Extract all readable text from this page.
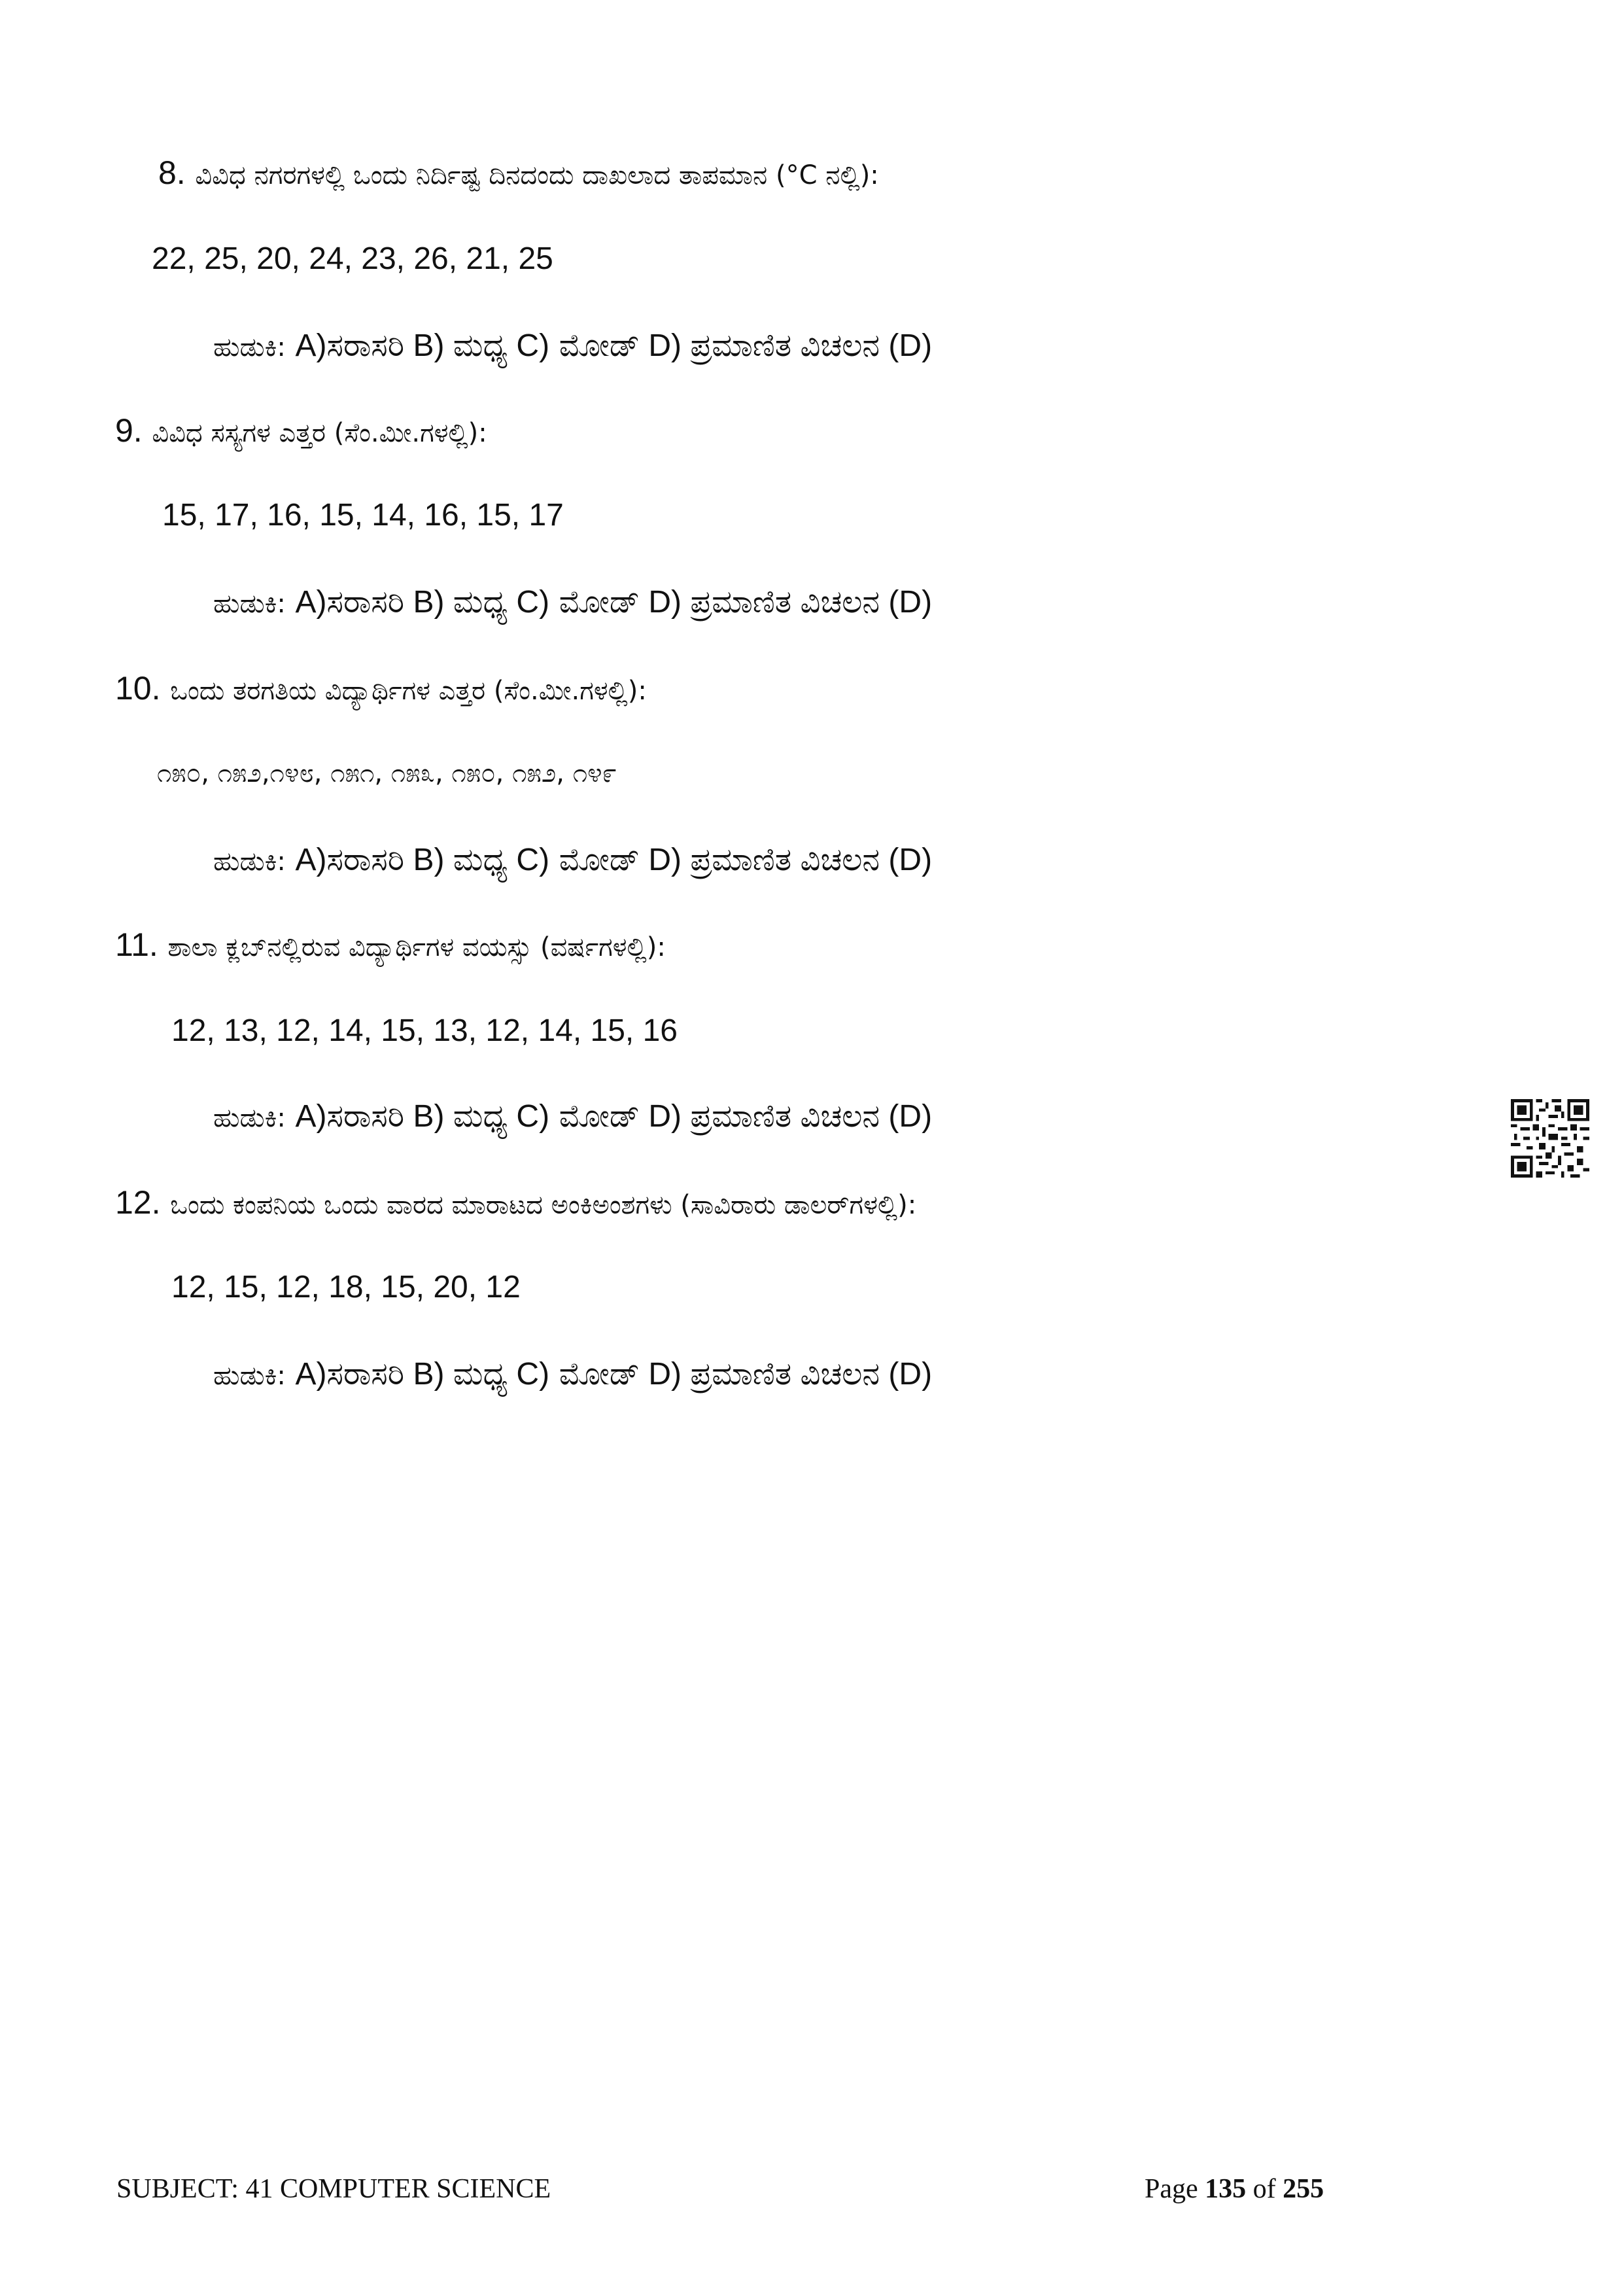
8. ವಿವಿಧ ನಗರಗಳಲ್ಲಿ ಒಂದು ನಿರ್ದಿಷ್ಟ ದಿನದಂದು ದಾಖಲಾದ ತಾಪಮಾನ (°C ನಲ್ಲಿ):
22, 25, 20, 24, 23, 26, 21, 25
ಹುಡುಕಿ: A)ಸರಾಸರಿ B) ಮಧ್ಯ C) ಮೋಡ್ D) ಪ್ರಮಾಣಿತ ವಿಚಲನ (D)
9. ವಿವಿಧ ಸಸ್ಯಗಳ ಎತ್ತರ (ಸೆಂ.ಮೀ.ಗಳಲ್ಲಿ):
15, 17, 16, 15, 14, 16, 15, 17
ಹುಡುಕಿ: A)ಸರಾಸರಿ B) ಮಧ್ಯ C) ಮೋಡ್ D) ಪ್ರಮಾಣಿತ ವಿಚಲನ (D)
10. ಒಂದು ತರಗತಿಯ ವಿದ್ಯಾರ್ಥಿಗಳ ಎತ್ತರ (ಸೆಂ.ಮೀ.ಗಳಲ್ಲಿ):
೧೫೦, ೧೫೨,೧೪೮, ೧೫೧, ೧೫೩, ೧೫೦, ೧೫೨, ೧೪೯
ಹುಡುಕಿ: A)ಸರಾಸರಿ B) ಮಧ್ಯ C) ಮೋಡ್ D) ಪ್ರಮಾಣಿತ ವಿಚಲನ (D)
11. ಶಾಲಾ ಕ್ಲಬ್‌ನಲ್ಲಿರುವ ವಿದ್ಯಾರ್ಥಿಗಳ ವಯಸ್ಸು (ವರ್ಷಗಳಲ್ಲಿ):
12, 13, 12, 14, 15, 13, 12, 14, 15, 16
ಹುಡುಕಿ: A)ಸರಾಸರಿ B) ಮಧ್ಯ C) ಮೋಡ್ D) ಪ್ರಮಾಣಿತ ವಿಚಲನ (D)
12. ಒಂದು ಕಂಪನಿಯ ಒಂದು ವಾರದ ಮಾರಾಟದ ಅಂಕಿಅಂಶಗಳು (ಸಾವಿರಾರು ಡಾಲರ್‌ಗಳಲ್ಲಿ):
12, 15, 12, 18, 15, 20, 12
ಹುಡುಕಿ: A)ಸರಾಸರಿ B) ಮಧ್ಯ C) ಮೋಡ್ D) ಪ್ರಮಾಣಿತ ವಿಚಲನ (D)
SUBJECT: 41 COMPUTER SCIENCE	Page 135 of 255
